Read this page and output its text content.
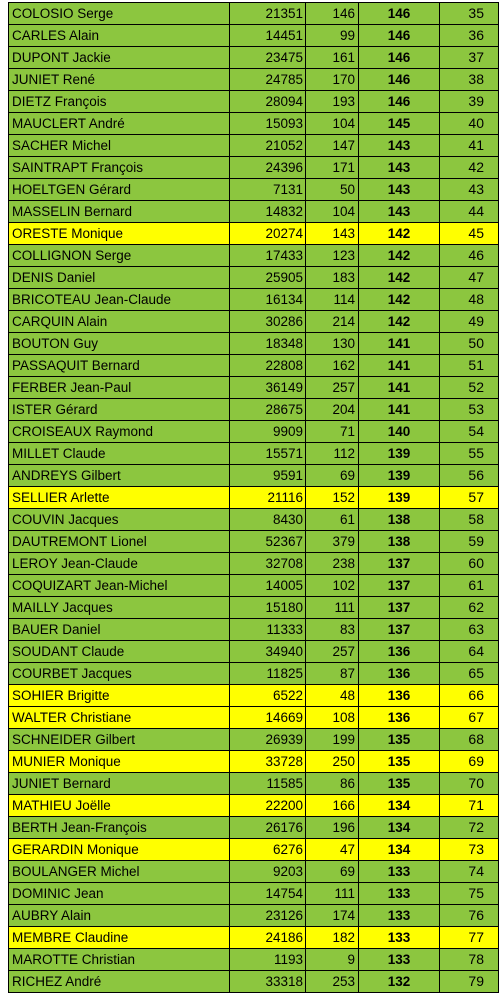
COLOSIO Serge	21351	146	146	35
CARLES Alain	14451	99	146	36
DUPONT Jackie	23475	161	146	37
JUNIET René	24785	170	146	38
DIETZ François	28094	193	146	39
MAUCLERT André	15093	104	145	40
SACHER Michel	21052	147	143	41
SAINTRAPT François	24396	171	143	42
HOELTGEN Gérard	7131	50	143	43
MASSELIN Bernard	14832	104	143	44
ORESTE Monique	20274	143	142	45
COLLIGNON Serge	17433	123	142	46
DENIS Daniel	25905	183	142	47
BRICOTEAU Jean-Claude	16134	114	142	48
CARQUIN Alain	30286	214	142	49
BOUTON Guy	18348	130	141	50
PASSAQUIT Bernard	22808	162	141	51
FERBER Jean-Paul	36149	257	141	52
ISTER Gérard	28675	204	141	53
CROISEAUX Raymond	9909	71	140	54
MILLET Claude	15571	112	139	55
ANDREYS Gilbert	9591	69	139	56
SELLIER Arlette	21116	152	139	57
COUVIN Jacques	8430	61	138	58
DAUTREMONT Lionel	52367	379	138	59
LEROY Jean-Claude	32708	238	137	60
COQUIZART Jean-Michel	14005	102	137	61
MAILLY Jacques	15180	111	137	62
BAUER Daniel	11333	83	137	63
SOUDANT Claude	34940	257	136	64
COURBET Jacques	11825	87	136	65
SOHIER Brigitte	6522	48	136	66
WALTER Christiane	14669	108	136	67
SCHNEIDER Gilbert	26939	199	135	68
MUNIER Monique	33728	250	135	69
JUNIET Bernard	11585	86	135	70
MATHIEU Joëlle	22200	166	134	71
BERTH Jean-François	26176	196	134	72
GERARDIN Monique	6276	47	134	73
BOULANGER Michel	9203	69	133	74
DOMINIC Jean	14754	111	133	75
AUBRY Alain	23126	174	133	76
MEMBRE Claudine	24186	182	133	77
MAROTTE Christian	1193	9	133	78
RICHEZ André	33318	253	132	79
